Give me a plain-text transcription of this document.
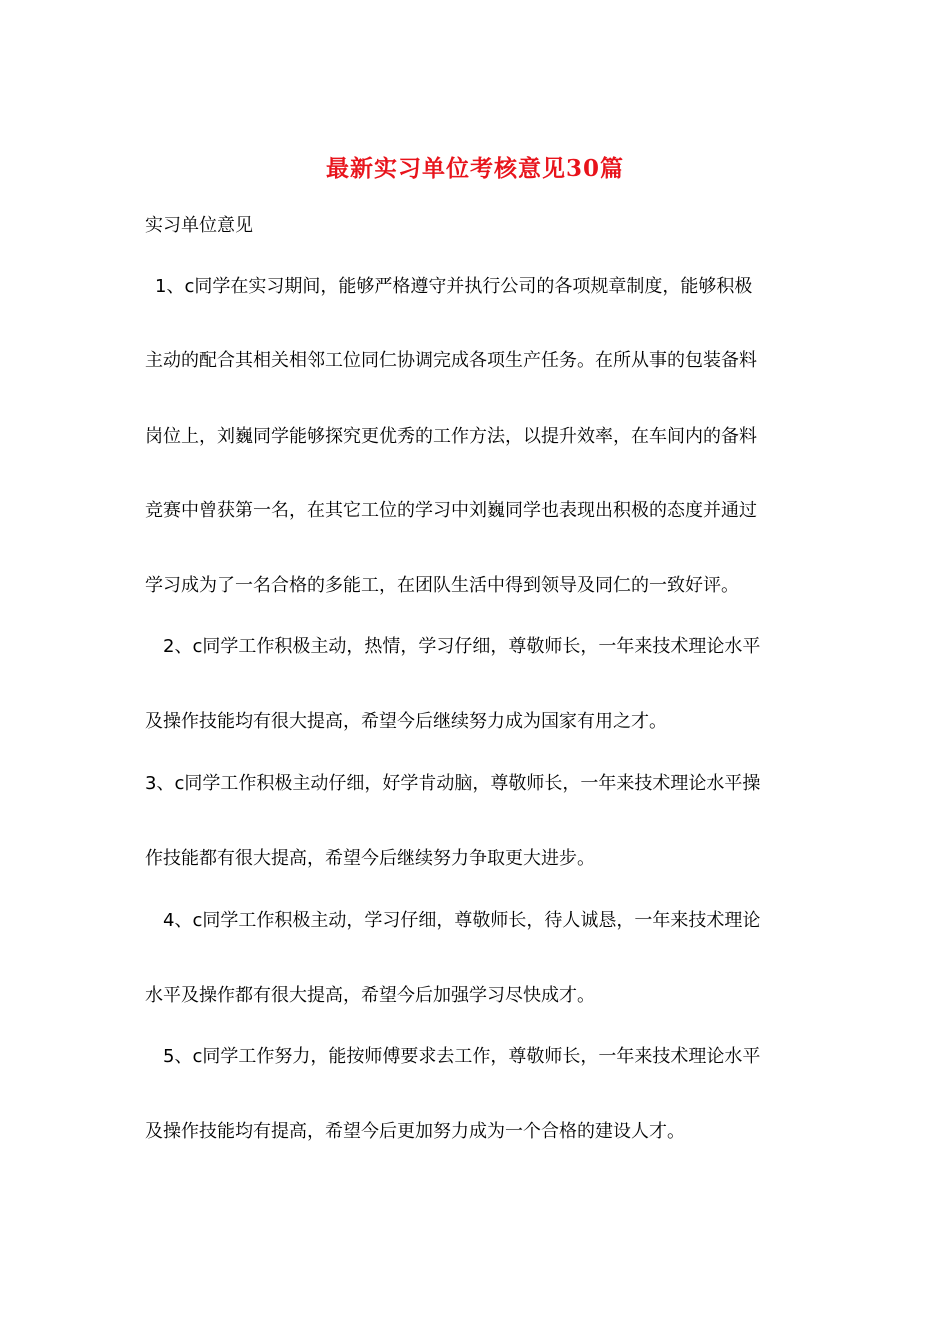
最新实习单位考核意见30篇
实习单位意见
1、c同学在实习期间，能够严格遵守并执行公司的各项规章制度，能够积极
主动的配合其相关相邻工位同仁协调完成各项生产任务。在所从事的包装备料
岗位上，刘巍同学能够探究更优秀的工作方法，以提升效率，在车间内的备料
竞赛中曾获第一名，在其它工位的学习中刘巍同学也表现出积极的态度并通过
学习成为了一名合格的多能工，在团队生活中得到领导及同仁的一致好评。
2、c同学工作积极主动，热情，学习仔细，尊敬师长，一年来技术理论水平
及操作技能均有很大提高，希望今后继续努力成为国家有用之才。
3、c同学工作积极主动仔细，好学肯动脑，尊敬师长，一年来技术理论水平操
作技能都有很大提高，希望今后继续努力争取更大进步。
4、c同学工作积极主动，学习仔细，尊敬师长，待人诚恳，一年来技术理论
水平及操作都有很大提高，希望今后加强学习尽快成才。
5、c同学工作努力，能按师傅要求去工作，尊敬师长，一年来技术理论水平
及操作技能均有提高，希望今后更加努力成为一个合格的建设人才。
